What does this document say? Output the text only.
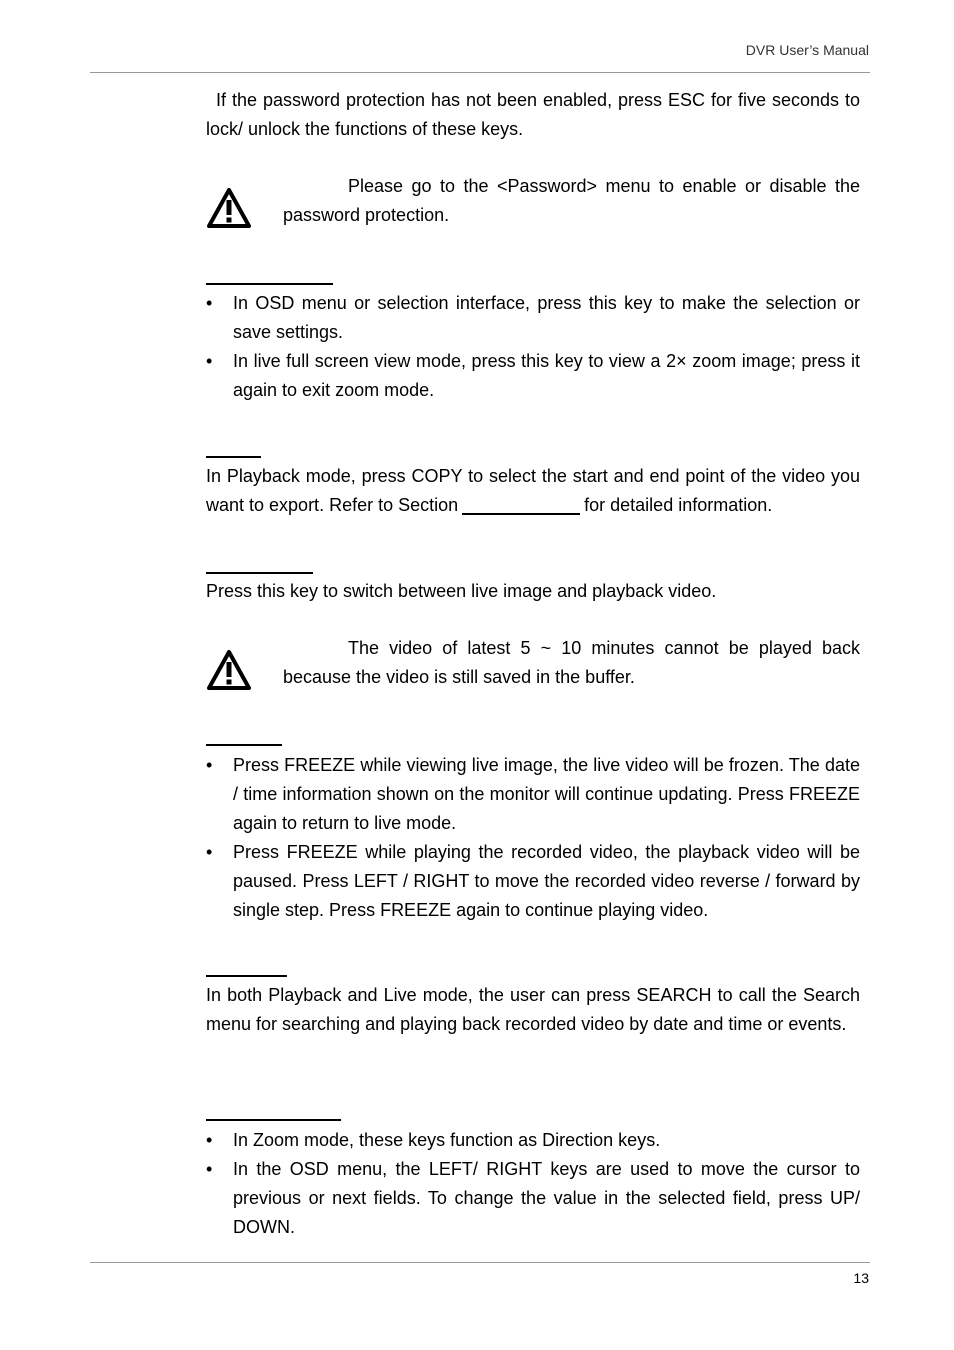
DVR User’s Manual

If the password protection has not been enabled, press ESC for five seconds to lock/ unlock the functions of these keys.

Please go to the <Password> menu to enable or disable the password protection.
• In OSD menu or selection interface, press this key to make the selection or save settings.
• In live full screen view mode, press this key to view a 2× zoom image; press it again to exit zoom mode.

In Playback mode, press COPY to select the start and end point of the video you want to export. Refer to Section	for detailed information.

Press this key to switch between live image and playback video.

The video of latest 5 ~ 10 minutes cannot be played back because the video is still saved in the buffer.
• Press FREEZE while viewing live image, the live video will be frozen. The date / time information shown on the monitor will continue updating. Press FREEZE again to return to live mode.
• Press FREEZE while playing the recorded video, the playback video will be paused. Press LEFT / RIGHT to move the recorded video reverse / forward by single step. Press FREEZE again to continue playing video.

In both Playback and Live mode, the user can press SEARCH to call the Search menu for searching and playing back recorded video by date and time or events.

• In Zoom mode, these keys function as Direction keys.
• In the OSD menu, the LEFT/ RIGHT keys are used to move the cursor to previous or next fields. To change the value in the selected field, press UP/ DOWN.
13
